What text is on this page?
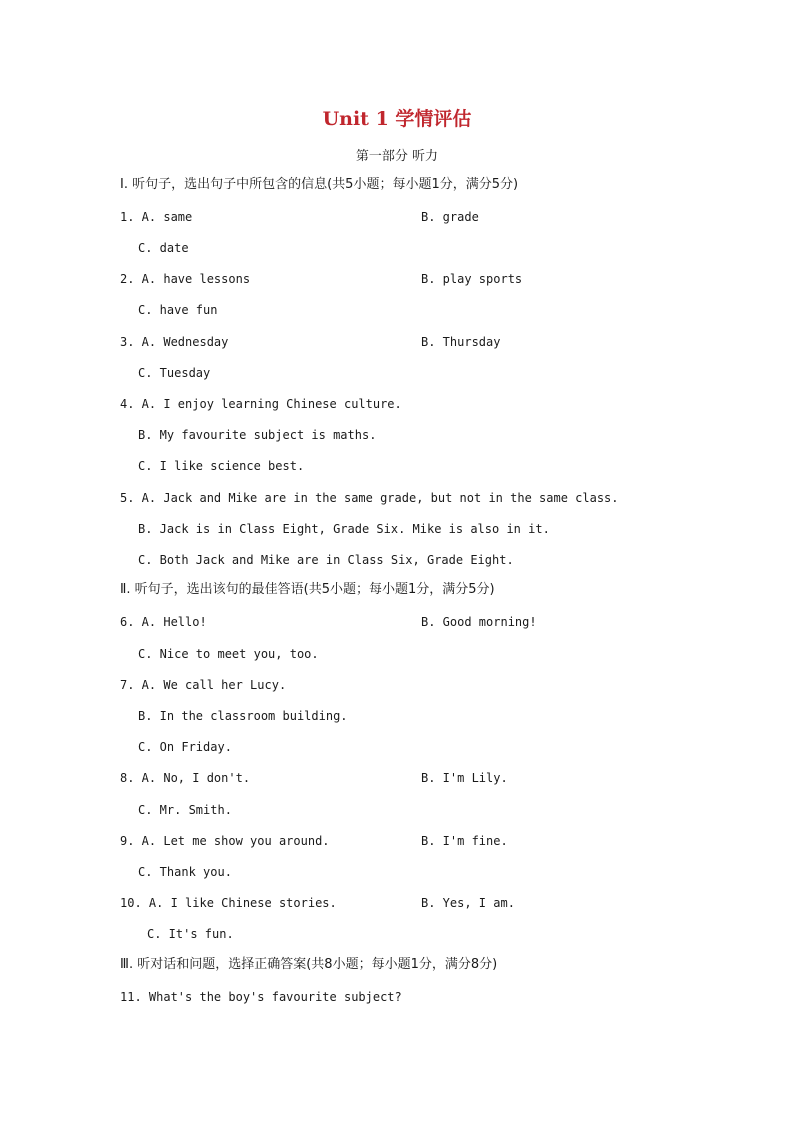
Unit 1 学情评估
第一部分 听力
Ⅰ. 听句子，选出句子中所包含的信息(共5小题；每小题1分，满分5分)
1. A. same	B. grade
C. date
2. A. have lessons	B. play sports
C. have fun
3. A. Wednesday	B. Thursday
C. Tuesday
4. A. I enjoy learning Chinese culture.
B. My favourite subject is maths.
C. I like science best.
5. A. Jack and Mike are in the same grade, but not in the same class.
B. Jack is in Class Eight, Grade Six. Mike is also in it.
C. Both Jack and Mike are in Class Six, Grade Eight.
Ⅱ. 听句子，选出该句的最佳答语(共5小题；每小题1分，满分5分)
6. A. Hello!	B. Good morning!
C. Nice to meet you, too.
7. A. We call her Lucy.
B. In the classroom building.
C. On Friday.
8. A. No, I don't.	B. I'm Lily.
C. Mr. Smith.
9. A. Let me show you around.	B. I'm fine.
C. Thank you.
10. A. I like Chinese stories.	B. Yes, I am.
C. It's fun.
Ⅲ. 听对话和问题，选择正确答案(共8小题；每小题1分，满分8分)
11. What's the boy's favourite subject?
